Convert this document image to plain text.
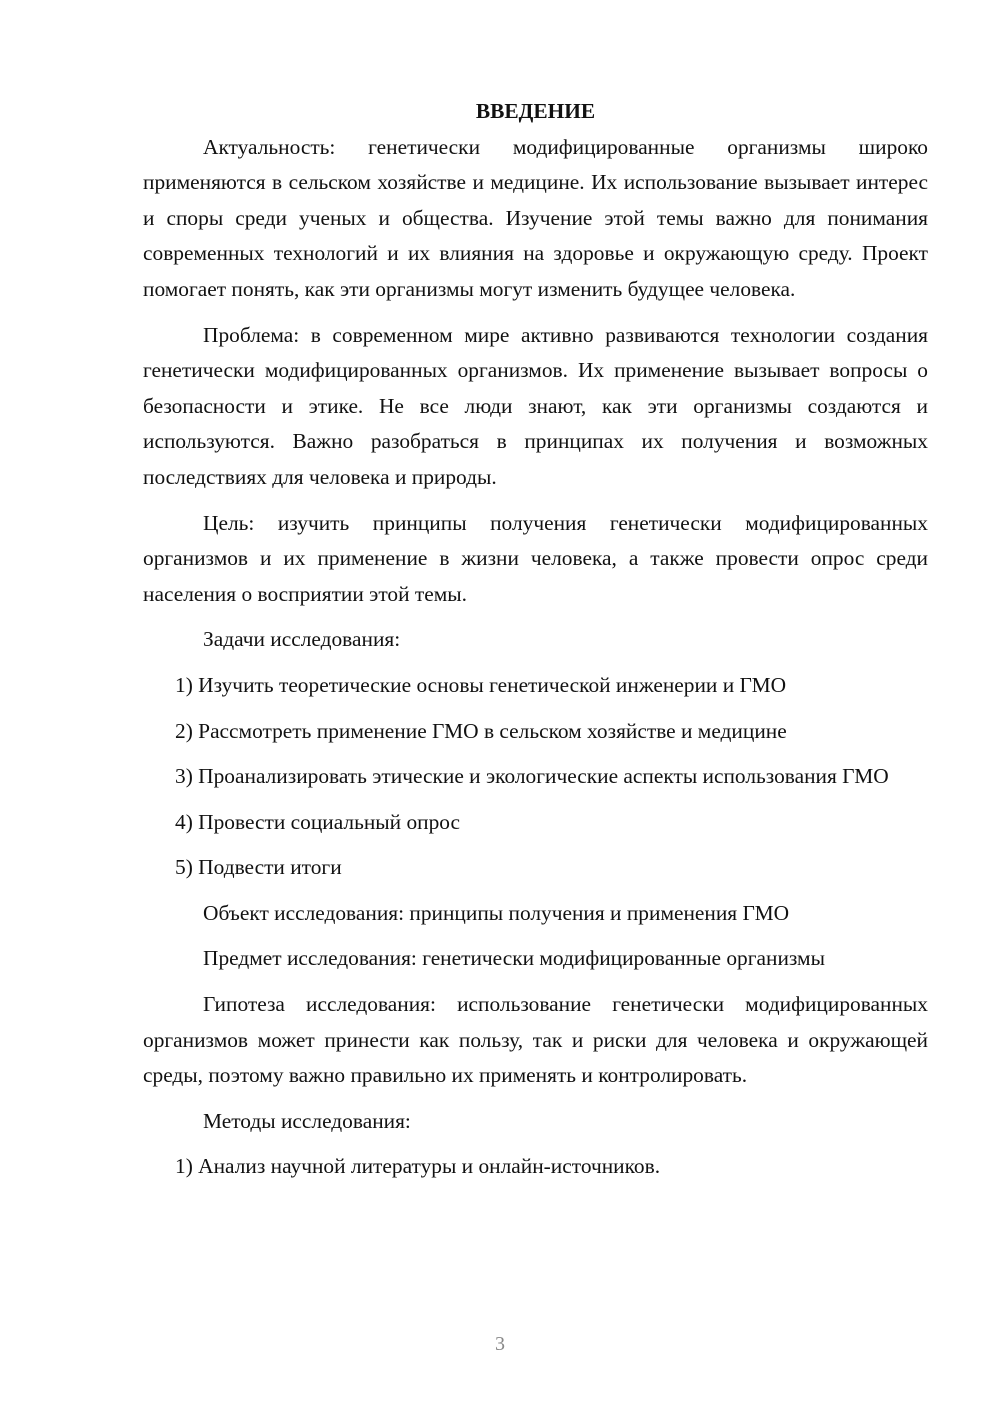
ВВЕДЕНИЕ

Актуальность: генетически модифицированные организмы широко применяются в сельском хозяйстве и медицине. Их использование вызывает интерес и споры среди ученых и общества. Изучение этой темы важно для понимания современных технологий и их влияния на здоровье и окружающую среду. Проект помогает понять, как эти организмы могут изменить будущее человека.

Проблема: в современном мире активно развиваются технологии создания генетически модифицированных организмов. Их применение вызывает вопросы о безопасности и этике. Не все люди знают, как эти организмы создаются и используются. Важно разобраться в принципах их получения и возможных последствиях для человека и природы.

Цель: изучить принципы получения генетически модифицированных организмов и их применение в жизни человека, а также провести опрос среди населения о восприятии этой темы.

Задачи исследования:

1) Изучить теоретические основы генетической инженерии и ГМО

2) Рассмотреть применение ГМО в сельском хозяйстве и медицине

3) Проанализировать этические и экологические аспекты использования ГМО

4) Провести социальный опрос

5) Подвести итоги

Объект исследования: принципы получения и применения ГМО

Предмет исследования: генетически модифицированные организмы

Гипотеза исследования: использование генетически модифицированных организмов может принести как пользу, так и риски для человека и окружающей среды, поэтому важно правильно их применять и контролировать.

Методы исследования:

1) Анализ научной литературы и онлайн-источников.

3
